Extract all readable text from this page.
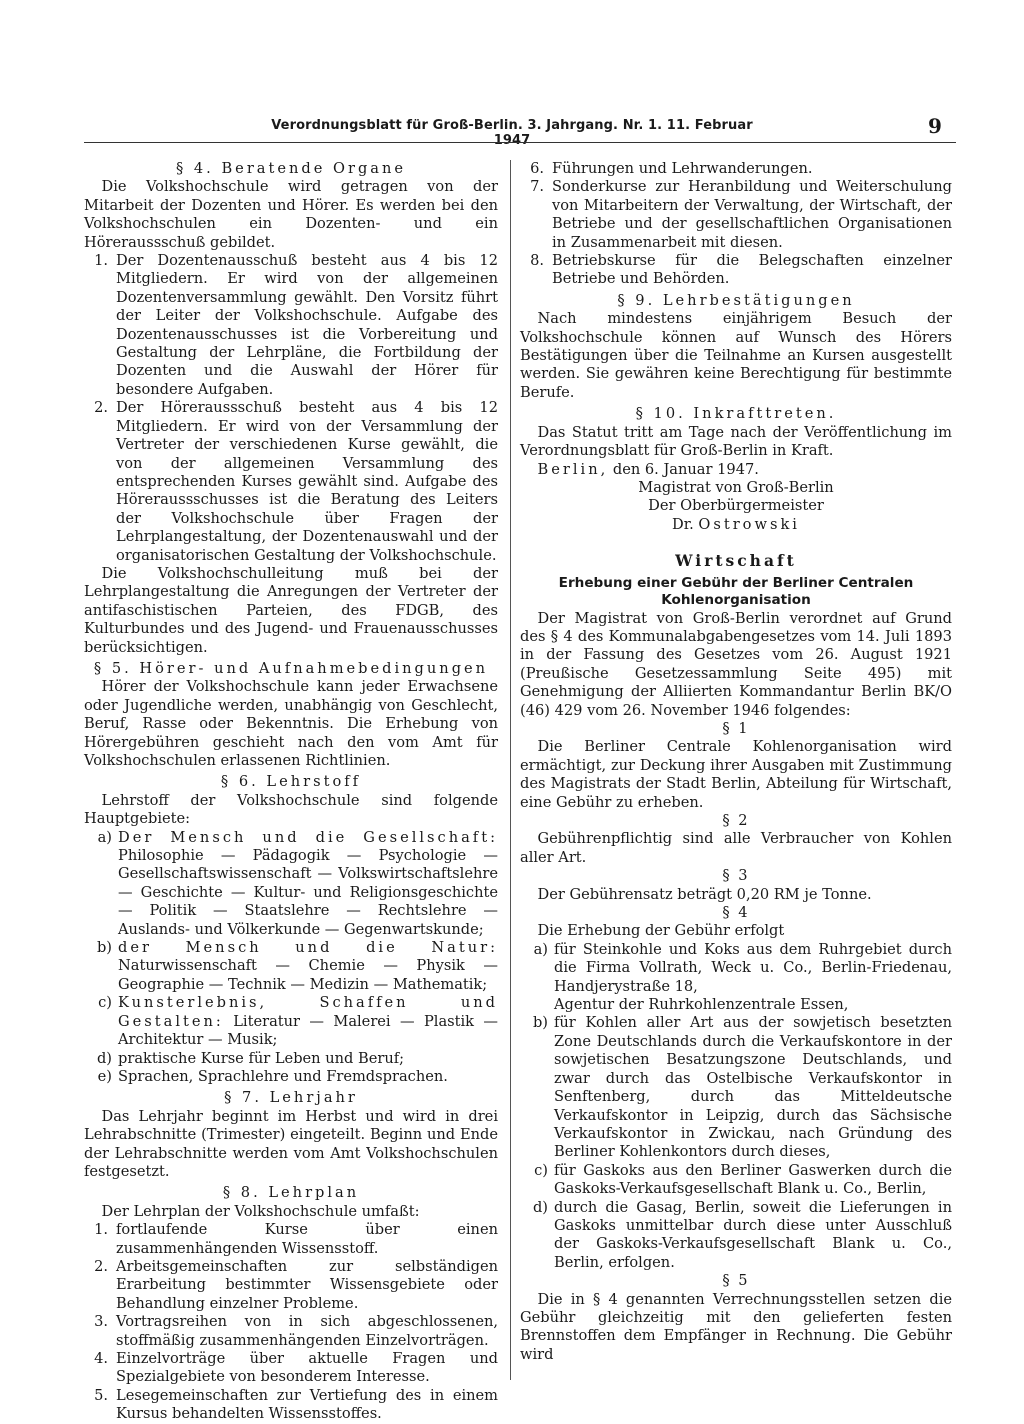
Verordnungsblatt für Groß-Berlin. 3. Jahrgang. Nr. 1. 11. Februar 1947
9
§ 4. Beratende Organe
Die Volkshochschule wird getragen von der Mitarbeit der Dozenten und Hörer. Es werden bei den Volkshochschulen ein Dozenten- und ein Höreraussschuß gebildet.
1. Der Dozentenausschuß besteht aus 4 bis 12 Mitgliedern. Er wird von der allgemeinen Dozentenversammlung gewählt. Den Vorsitz führt der Leiter der Volkshochschule. Aufgabe des Dozentenausschusses ist die Vorbereitung und Gestaltung der Lehrpläne, die Fortbildung der Dozenten und die Auswahl der Hörer für besondere Aufgaben.
2. Der Höreraussschuß besteht aus 4 bis 12 Mitgliedern. Er wird von der Versammlung der Vertreter der verschiedenen Kurse gewählt, die von der allgemeinen Versammlung des entsprechenden Kurses gewählt sind. Aufgabe des Höreraussschusses ist die Beratung des Leiters der Volkshochschule über Fragen der Lehrplangestaltung, der Dozentenauswahl und der organisatorischen Gestaltung der Volkshochschule.
Die Volkshochschulleitung muß bei der Lehrplangestaltung die Anregungen der Vertreter der antifaschistischen Parteien, des FDGB, des Kulturbundes und des Jugend- und Frauenausschusses berücksichtigen.
§ 5. Hörer- und Aufnahmebedingungen
Hörer der Volkshochschule kann jeder Erwachsene oder Jugendliche werden, unabhängig von Geschlecht, Beruf, Rasse oder Bekenntnis. Die Erhebung von Hörergebühren geschieht nach den vom Amt für Volkshochschulen erlassenen Richtlinien.
§ 6. Lehrstoff
Lehrstoff der Volkshochschule sind folgende Hauptgebiete:
a) Der Mensch und die Gesellschaft: Philosophie — Pädagogik — Psychologie — Gesellschaftswissenschaft — Volkswirtschaftslehre — Geschichte — Kultur- und Religionsgeschichte — Politik — Staatslehre — Rechtslehre — Auslands- und Völkerkunde — Gegenwartskunde;
b) der Mensch und die Natur: Naturwissenschaft — Chemie — Physik — Geographie — Technik — Medizin — Mathematik;
c) Kunsterlebnis, Schaffen und Gestalten: Literatur — Malerei — Plastik — Architektur — Musik;
d) praktische Kurse für Leben und Beruf;
e) Sprachen, Sprachlehre und Fremdsprachen.
§ 7. Lehrjahr
Das Lehrjahr beginnt im Herbst und wird in drei Lehrabschnitte (Trimester) eingeteilt. Beginn und Ende der Lehrabschnitte werden vom Amt Volkshochschulen festgesetzt.
§ 8. Lehrplan
Der Lehrplan der Volkshochschule umfaßt:
1. fortlaufende Kurse über einen zusammenhängenden Wissensstoff.
2. Arbeitsgemeinschaften zur selbständigen Erarbeitung bestimmter Wissensgebiete oder Behandlung einzelner Probleme.
3. Vortragsreihen von in sich abgeschlossenen, stoffmäßig zusammenhängenden Einzelvorträgen.
4. Einzelvorträge über aktuelle Fragen und Spezialgebiete von besonderem Interesse.
5. Lesegemeinschaften zur Vertiefung des in einem Kursus behandelten Wissensstoffes.
6. Führungen und Lehrwanderungen.
7. Sonderkurse zur Heranbildung und Weiterschulung von Mitarbeitern der Verwaltung, der Wirtschaft, der Betriebe und der gesellschaftlichen Organisationen in Zusammenarbeit mit diesen.
8. Betriebskurse für die Belegschaften einzelner Betriebe und Behörden.
§ 9. Lehrbestätigungen
Nach mindestens einjährigem Besuch der Volkshochschule können auf Wunsch des Hörers Bestätigungen über die Teilnahme an Kursen ausgestellt werden. Sie gewähren keine Berechtigung für bestimmte Berufe.
§ 10. Inkrafttreten.
Das Statut tritt am Tage nach der Veröffentlichung im Verordnungsblatt für Groß-Berlin in Kraft.
Berlin, den 6. Januar 1947.
Magistrat von Groß-Berlin
Der Oberbürgermeister
Dr. Ostrowski
Wirtschaft
Erhebung einer Gebühr der Berliner Centralen Kohlenorganisation
Der Magistrat von Groß-Berlin verordnet auf Grund des § 4 des Kommunalabgabengesetzes vom 14. Juli 1893 in der Fassung des Gesetzes vom 26. August 1921 (Preußische Gesetzessammlung Seite 495) mit Genehmigung der Alliierten Kommandantur Berlin BK/O (46) 429 vom 26. November 1946 folgendes:
§ 1
Die Berliner Centrale Kohlenorganisation wird ermächtigt, zur Deckung ihrer Ausgaben mit Zustimmung des Magistrats der Stadt Berlin, Abteilung für Wirtschaft, eine Gebühr zu erheben.
§ 2
Gebührenpflichtig sind alle Verbraucher von Kohlen aller Art.
§ 3
Der Gebührensatz beträgt 0,20 RM je Tonne.
§ 4
Die Erhebung der Gebühr erfolgt
a) für Steinkohle und Koks aus dem Ruhrgebiet durch die Firma Vollrath, Weck u. Co., Berlin-Friedenau, Handjerystraße 18,
Agentur der Ruhrkohlenzentrale Essen,
b) für Kohlen aller Art aus der sowjetisch besetzten Zone Deutschlands durch die Verkaufskontore in der sowjetischen Besatzungszone Deutschlands, und zwar durch das Ostelbische Verkaufskontor in Senftenberg, durch das Mitteldeutsche Verkaufskontor in Leipzig, durch das Sächsische Verkaufskontor in Zwickau, nach Gründung des Berliner Kohlenkontors durch dieses,
c) für Gaskoks aus den Berliner Gaswerken durch die Gaskoks-Verkaufsgesellschaft Blank u. Co., Berlin,
d) durch die Gasag, Berlin, soweit die Lieferungen in Gaskoks unmittelbar durch diese unter Ausschluß der Gaskoks-Verkaufsgesellschaft Blank u. Co., Berlin, erfolgen.
§ 5
Die in § 4 genannten Verrechnungsstellen setzen die Gebühr gleichzeitig mit den gelieferten festen Brennstoffen dem Empfänger in Rechnung. Die Gebühr wird
